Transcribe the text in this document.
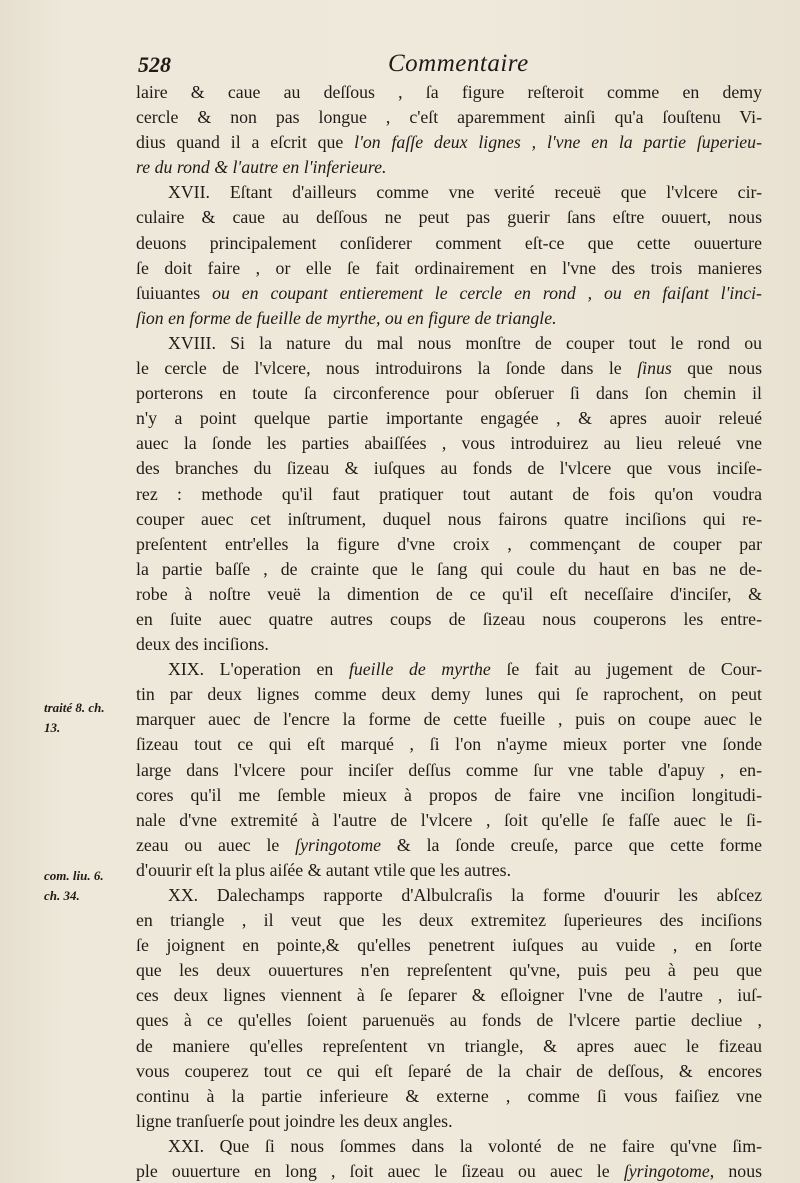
528	Commentaire
laire & caue au deſſous , ſa figure reſteroit comme en demy
cercle & non pas longue , c'eſt aparemment ainſi qu'a ſouſtenu Vi-
dius quand il a eſcrit que l'on faſſe deux lignes , l'vne en la partie ſuperieu-
re du rond & l'autre en l'inferieure.
XVII. Eſtant d'ailleurs comme vne verité receuë que l'vlcere cir-
culaire & caue au deſſous ne peut pas guerir ſans eſtre ouuert, nous
deuons principalement conſiderer comment eſt-ce que cette ouuerture
ſe doit faire , or elle ſe fait ordinairement en l'vne des trois manieres
ſuiuantes ou en coupant entierement le cercle en rond , ou en faiſant l'inci-
ſion en forme de fueille de myrthe, ou en figure de triangle.
XVIII. Si la nature du mal nous monſtre de couper tout le rond ou
le cercle de l'vlcere, nous introduirons la ſonde dans le ſinus que nous
porterons en toute ſa circonference pour obſeruer ſi dans ſon chemin il
n'y a point quelque partie importante engagée , & apres auoir releué
auec la ſonde les parties abaiſſées , vous introduirez au lieu releué vne
des branches du ſizeau & iuſques au fonds de l'vlcere que vous inciſe-
rez : methode qu'il faut pratiquer tout autant de fois qu'on voudra
couper auec cet inſtrument, duquel nous fairons quatre inciſions qui re-
preſentent entr'elles la figure d'vne croix , commençant de couper par
la partie baſſe , de crainte que le ſang qui coule du haut en bas ne de-
robe à noſtre veuë la dimention de ce qu'il eſt neceſſaire d'inciſer, &
en ſuite auec quatre autres coups de ſizeau nous couperons les entre-
deux des inciſions.
XIX. L'operation en fueille de myrthe ſe fait au jugement de Cour-
tin par deux lignes comme deux demy lunes qui ſe raprochent, on peut
marquer auec de l'encre la forme de cette fueille , puis on coupe auec le
ſizeau tout ce qui eſt marqué , ſi l'on n'ayme mieux porter vne ſonde
large dans l'vlcere pour inciſer deſſus comme ſur vne table d'apuy , en-
cores qu'il me ſemble mieux à propos de faire vne inciſion longitudi-
nale d'vne extremité à l'autre de l'vlcere , ſoit qu'elle ſe faſſe auec le ſi-
zeau ou auec le ſyringotome & la ſonde creuſe, parce que cette forme
d'ouurir eſt la plus aiſée & autant vtile que les autres.
XX. Dalechamps rapporte d'Albulcraſis la forme d'ouurir les abſcez
en triangle , il veut que les deux extremitez ſuperieures des inciſions
ſe joignent en pointe,& qu'elles penetrent iuſques au vuide , en ſorte
que les deux ouuertures n'en repreſentent qu'vne, puis peu à peu que
ces deux lignes viennent à ſe ſeparer & eſloigner l'vne de l'autre , iuſ-
ques à ce qu'elles ſoient paruenuës au fonds de l'vlcere partie decliue ,
de maniere qu'elles repreſentent vn triangle, & apres auec le fizeau
vous couperez tout ce qui eſt ſeparé de la chair de deſſous, & encores
continu à la partie inferieure & externe , comme ſi vous faiſiez vne
ligne tranſuerſe pout joindre les deux angles.
XXI. Que ſi nous ſommes dans la volonté de ne faire qu'vne ſim-
ple ouuerture en long , ſoit auec le ſizeau ou auec le ſyringotome, nous
traité 8. ch.
13.
com. liu. 6.
ch. 34.
